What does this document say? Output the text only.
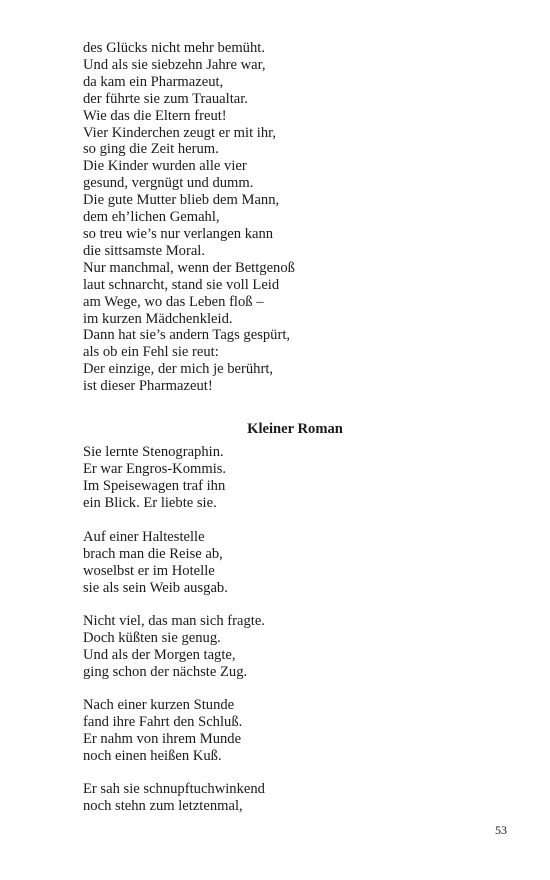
des Glücks nicht mehr bemüht.
Und als sie siebzehn Jahre war,
da kam ein Pharmazeut,
der führte sie zum Traualtar.
Wie das die Eltern freut!
Vier Kinderchen zeugt er mit ihr,
so ging die Zeit herum.
Die Kinder wurden alle vier
gesund, vergnügt und dumm.
Die gute Mutter blieb dem Mann,
dem eh’lichen Gemahl,
so treu wie’s nur verlangen kann
die sittsamste Moral.
Nur manchmal, wenn der Bettgenoß
laut schnarcht, stand sie voll Leid
am Wege, wo das Leben floß –
im kurzen Mädchenkleid.
Dann hat sie’s andern Tags gespürt,
als ob ein Fehl sie reut:
Der einzige, der mich je berührt,
ist dieser Pharmazeut!
Kleiner Roman
Sie lernte Stenographin.
Er war Engros-Kommis.
Im Speisewagen traf ihn
ein Blick. Er liebte sie.
Auf einer Haltestelle
brach man die Reise ab,
woselbst er im Hotelle
sie als sein Weib ausgab.
Nicht viel, das man sich fragte.
Doch küßten sie genug.
Und als der Morgen tagte,
ging schon der nächste Zug.
Nach einer kurzen Stunde
fand ihre Fahrt den Schluß.
Er nahm von ihrem Munde
noch einen heißen Kuß.
Er sah sie schnupftuchwinkend
noch stehn zum letztenmal,
53
